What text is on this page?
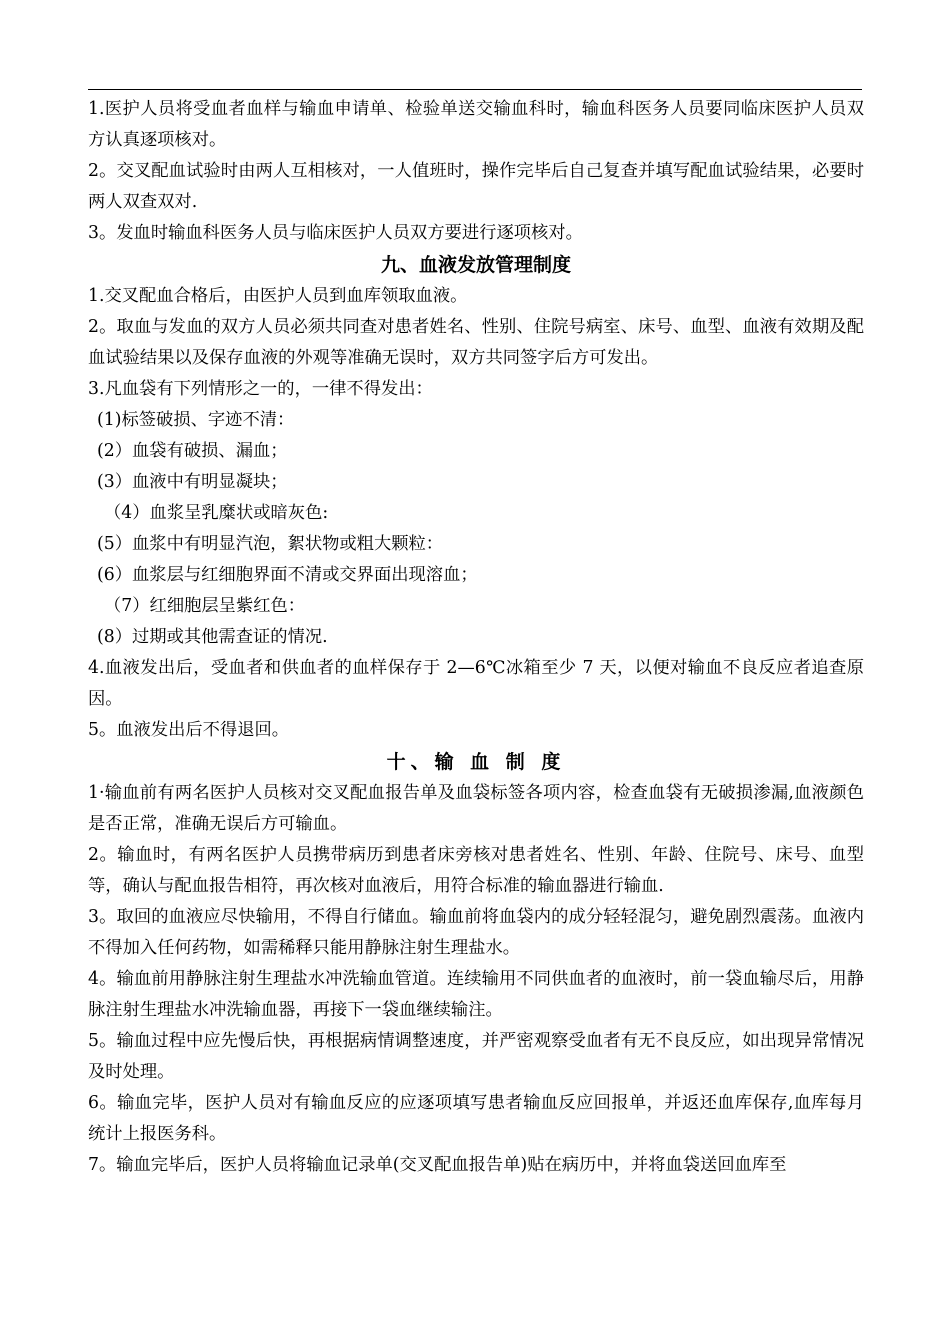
1.医护人员将受血者血样与输血申请单、检验单送交输血科时，输血科医务人员要同临床医护人员双方认真逐项核对。

2。交叉配血试验时由两人互相核对，一人值班时，操作完毕后自己复查并填写配血试验结果，必要时两人双查双对.

3。发血时输血科医务人员与临床医护人员双方要进行逐项核对。

九、血液发放管理制度

1.交叉配血合格后，由医护人员到血库领取血液。

2。取血与发血的双方人员必须共同查对患者姓名、性别、住院号病室、床号、血型、血液有效期及配血试验结果以及保存血液的外观等准确无误时，双方共同签字后方可发出。

3.凡血袋有下列情形之一的，一律不得发出：

(1)标签破损、字迹不清：

(2）血袋有破损、漏血；

(3）血液中有明显凝块；

（4）血浆呈乳糜状或暗灰色:

(5）血浆中有明显汽泡，絮状物或粗大颗粒：

(6）血浆层与红细胞界面不清或交界面出现溶血；

（7）红细胞层呈紫红色：

(8）过期或其他需查证的情况.

4.血液发出后，受血者和供血者的血样保存于 2—6℃冰箱至少 7 天，以便对输血不良反应者追查原因。

5。血液发出后不得退回。

十、输 血 制 度

1·输血前有两名医护人员核对交叉配血报告单及血袋标签各项内容，检查血袋有无破损渗漏,血液颜色是否正常，准确无误后方可输血。

2。输血时，有两名医护人员携带病历到患者床旁核对患者姓名、性别、年龄、住院号、床号、血型等，确认与配血报告相符，再次核对血液后，用符合标准的输血器进行输血.

3。取回的血液应尽快输用，不得自行储血。输血前将血袋内的成分轻轻混匀，避免剧烈震荡。血液内不得加入任何药物，如需稀释只能用静脉注射生理盐水。

4。输血前用静脉注射生理盐水冲洗输血管道。连续输用不同供血者的血液时，前一袋血输尽后，用静脉注射生理盐水冲洗输血器，再接下一袋血继续输注。

5。输血过程中应先慢后快，再根据病情调整速度，并严密观察受血者有无不良反应，如出现异常情况及时处理。

6。输血完毕，医护人员对有输血反应的应逐项填写患者输血反应回报单，并返还血库保存,血库每月统计上报医务科。

7。输血完毕后，医护人员将输血记录单(交叉配血报告单)贴在病历中，并将血袋送回血库至
